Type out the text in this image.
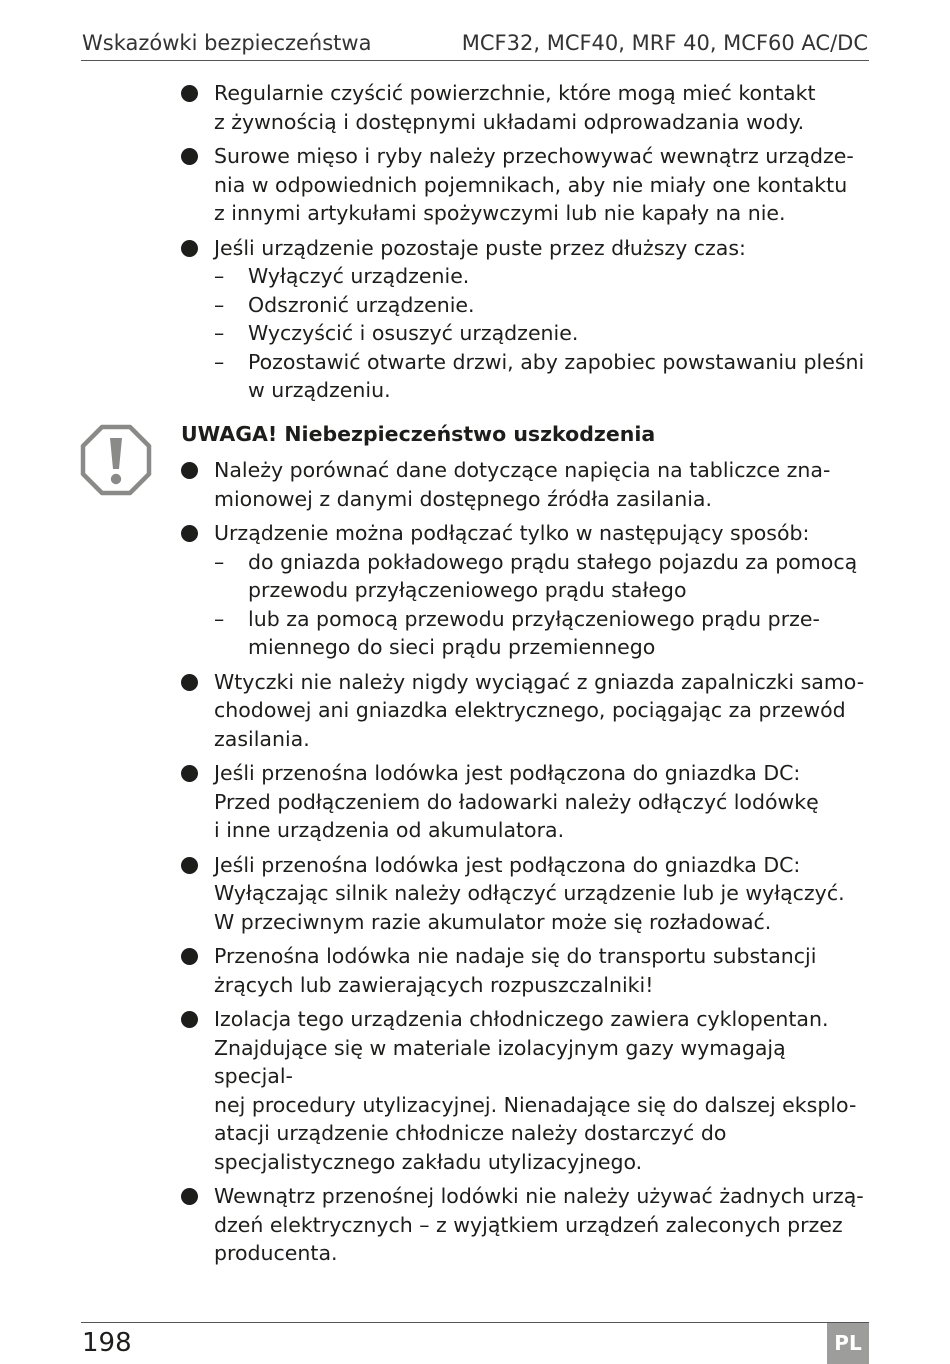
Wskazówki bezpieczeństwa	MCF32, MCF40, MRF 40, MCF60 AC/DC
Regularnie czyścić powierzchnie, które mogą mieć kontakt
z żywnością i dostępnymi układami odprowadzania wody.
Surowe mięso i ryby należy przechowywać wewnątrz urządze-
nia w odpowiednich pojemnikach, aby nie miały one kontaktu
z innymi artykułami spożywczymi lub nie kapały na nie.
Jeśli urządzenie pozostaje puste przez dłuższy czas:
– Wyłączyć urządzenie.
– Odszronić urządzenie.
– Wyczyścić i osuszyć urządzenie.
– Pozostawić otwarte drzwi, aby zapobiec powstawaniu pleśni
w urządzeniu.
UWAGA! Niebezpieczeństwo uszkodzenia
Należy porównać dane dotyczące napięcia na tabliczce zna-
mionowej z danymi dostępnego źródła zasilania.
Urządzenie można podłączać tylko w następujący sposób:
– do gniazda pokładowego prądu stałego pojazdu za pomocą
przewodu przyłączeniowego prądu stałego
– lub za pomocą przewodu przyłączeniowego prądu prze-
miennego do sieci prądu przemiennego
Wtyczki nie należy nigdy wyciągać z gniazda zapalniczki samo-
chodowej ani gniazdka elektrycznego, pociągając za przewód
zasilania.
Jeśli przenośna lodówka jest podłączona do gniazdka DC:
Przed podłączeniem do ładowarki należy odłączyć lodówkę
i inne urządzenia od akumulatora.
Jeśli przenośna lodówka jest podłączona do gniazdka DC:
Wyłączając silnik należy odłączyć urządzenie lub je wyłączyć.
W przeciwnym razie akumulator może się rozładować.
Przenośna lodówka nie nadaje się do transportu substancji
żrących lub zawierających rozpuszczalniki!
Izolacja tego urządzenia chłodniczego zawiera cyklopentan.
Znajdujące się w materiale izolacyjnym gazy wymagają specjal-
nej procedury utylizacyjnej. Nienadające się do dalszej eksplo-
atacji urządzenie chłodnicze należy dostarczyć do
specjalistycznego zakładu utylizacyjnego.
Wewnątrz przenośnej lodówki nie należy używać żadnych urzą-
dzeń elektrycznych – z wyjątkiem urządzeń zaleconych przez
producenta.
198	PL
